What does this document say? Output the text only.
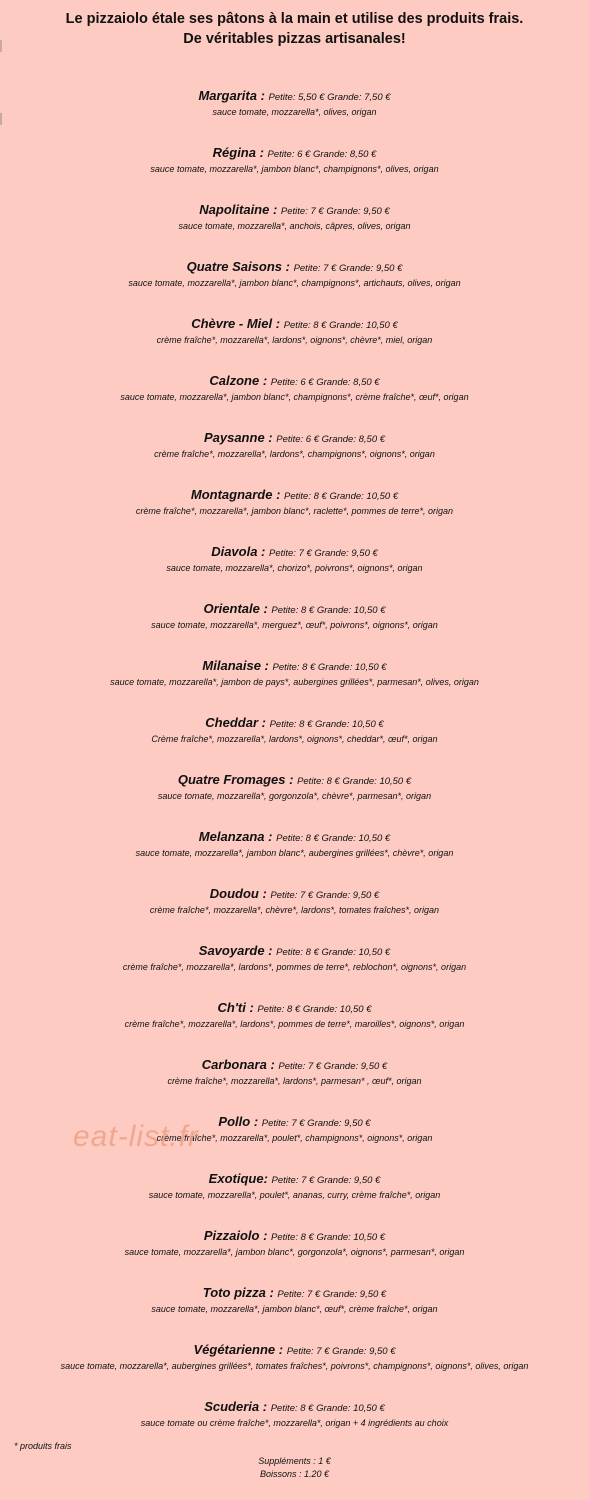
Le pizzaiolo étale ses pâtons à la main et utilise des produits frais.
De véritables pizzas artisanales!
Margarita : Petite: 5,50 € Grande: 7,50 €
sauce tomate, mozzarella*, olives, origan
Régina : Petite: 6 € Grande: 8,50 €
sauce tomate, mozzarella*, jambon blanc*, champignons*, olives, origan
Napolitaine : Petite: 7 € Grande: 9,50 €
sauce tomate, mozzarella*, anchois, câpres, olives, origan
Quatre Saisons : Petite: 7 € Grande: 9,50 €
sauce tomate, mozzarella*, jambon blanc*, champignons*, artichauts, olives, origan
Chèvre - Miel : Petite: 8 € Grande: 10,50 €
crème fraîche*, mozzarella*, lardons*, oignons*, chèvre*, miel, origan
Calzone : Petite: 6 € Grande: 8,50 €
sauce tomate, mozzarella*, jambon blanc*, champignons*, crème fraîche*, œuf*, origan
Paysanne : Petite: 6 € Grande: 8,50 €
crème fraîche*, mozzarella*, lardons*, champignons*, oignons*, origan
Montagnarde : Petite: 8 € Grande: 10,50 €
crème fraîche*, mozzarella*, jambon blanc*, raclette*, pommes de terre*, origan
Diavola : Petite: 7 € Grande: 9,50 €
sauce tomate, mozzarella*, chorizo*, poivrons*, oignons*, origan
Orientale : Petite: 8 € Grande: 10,50 €
sauce tomate, mozzarella*, merguez*, œuf*, poivrons*, oignons*, origan
Milanaise : Petite: 8 € Grande: 10,50 €
sauce tomate, mozzarella*, jambon de pays*, aubergines grillées*, parmesan*, olives, origan
Cheddar : Petite: 8 € Grande: 10,50 €
Crème fraîche*, mozzarella*, lardons*, oignons*, cheddar*, œuf*, origan
Quatre Fromages : Petite: 8 € Grande: 10,50 €
sauce tomate, mozzarella*, gorgonzola*, chèvre*, parmesan*, origan
Melanzana : Petite: 8 € Grande: 10,50 €
sauce tomate, mozzarella*, jambon blanc*, aubergines grillées*, chèvre*, origan
Doudou : Petite: 7 € Grande: 9,50 €
crème fraîche*, mozzarella*, chèvre*, lardons*, tomates fraîches*, origan
Savoyarde : Petite: 8 € Grande: 10,50 €
crème fraîche*, mozzarella*, lardons*, pommes de terre*, reblochon*, oignons*, origan
Ch'ti : Petite: 8 € Grande: 10,50 €
crème fraîche*, mozzarella*, lardons*, pommes de terre*, maroilles*, oignons*, origan
Carbonara : Petite: 7 € Grande: 9,50 €
crème fraîche*, mozzarella*, lardons*, parmesan* , œuf*, origan
Pollo : Petite: 7 € Grande: 9,50 €
crème fraîche*, mozzarella*, poulet*, champignons*, oignons*, origan
Exotique: Petite: 7 € Grande: 9,50 €
sauce tomate, mozzarella*, poulet*, ananas, curry, crème fraîche*, origan
Pizzaiolo : Petite: 8 € Grande: 10,50 €
sauce tomate, mozzarella*, jambon blanc*, gorgonzola*, oignons*, parmesan*, origan
Toto pizza : Petite: 7 € Grande: 9,50 €
sauce tomate, mozzarella*, jambon blanc*, œuf*, crème fraîche*, origan
Végétarienne : Petite: 7 € Grande: 9,50 €
sauce tomate, mozzarella*, aubergines grillées*, tomates fraîches*, poivrons*, champignons*, oignons*, olives, origan
Scuderia : Petite: 8 € Grande: 10,50 €
sauce tomate ou crème fraîche*, mozzarella*, origan + 4 ingrédients au choix
eat-list.fr
* produits frais
Suppléments : 1 €
Boissons : 1.20 €
